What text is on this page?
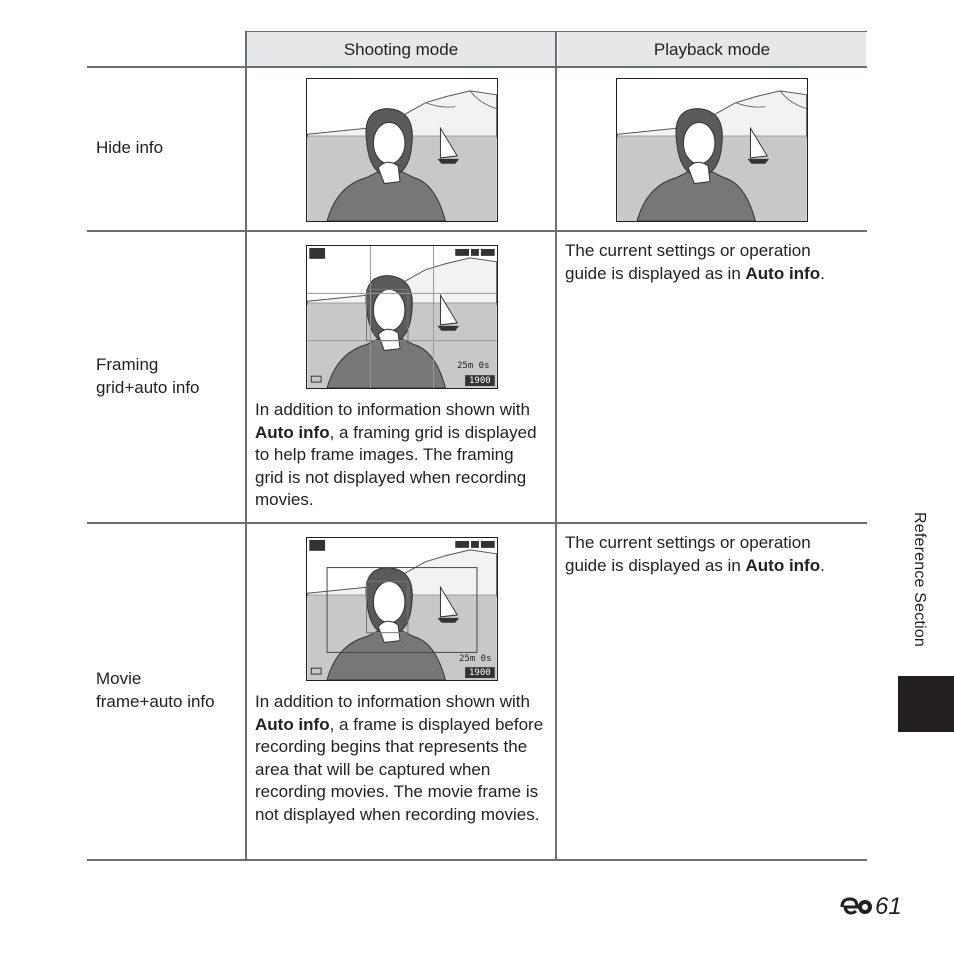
Shooting mode	Playback mode
Hide info
Framing
grid+auto info
25m 0s
1900
In addition to information shown with Auto info, a framing grid is displayed to help frame images. The framing grid is not displayed when recording movies.
The current settings or operation guide is displayed as in Auto info.
Movie
frame+auto info
25m 0s
1900
In addition to information shown with Auto info, a frame is displayed before recording begins that represents the area that will be captured when recording movies. The movie frame is not displayed when recording movies.
The current settings or operation guide is displayed as in Auto info.	Reference Section
61
